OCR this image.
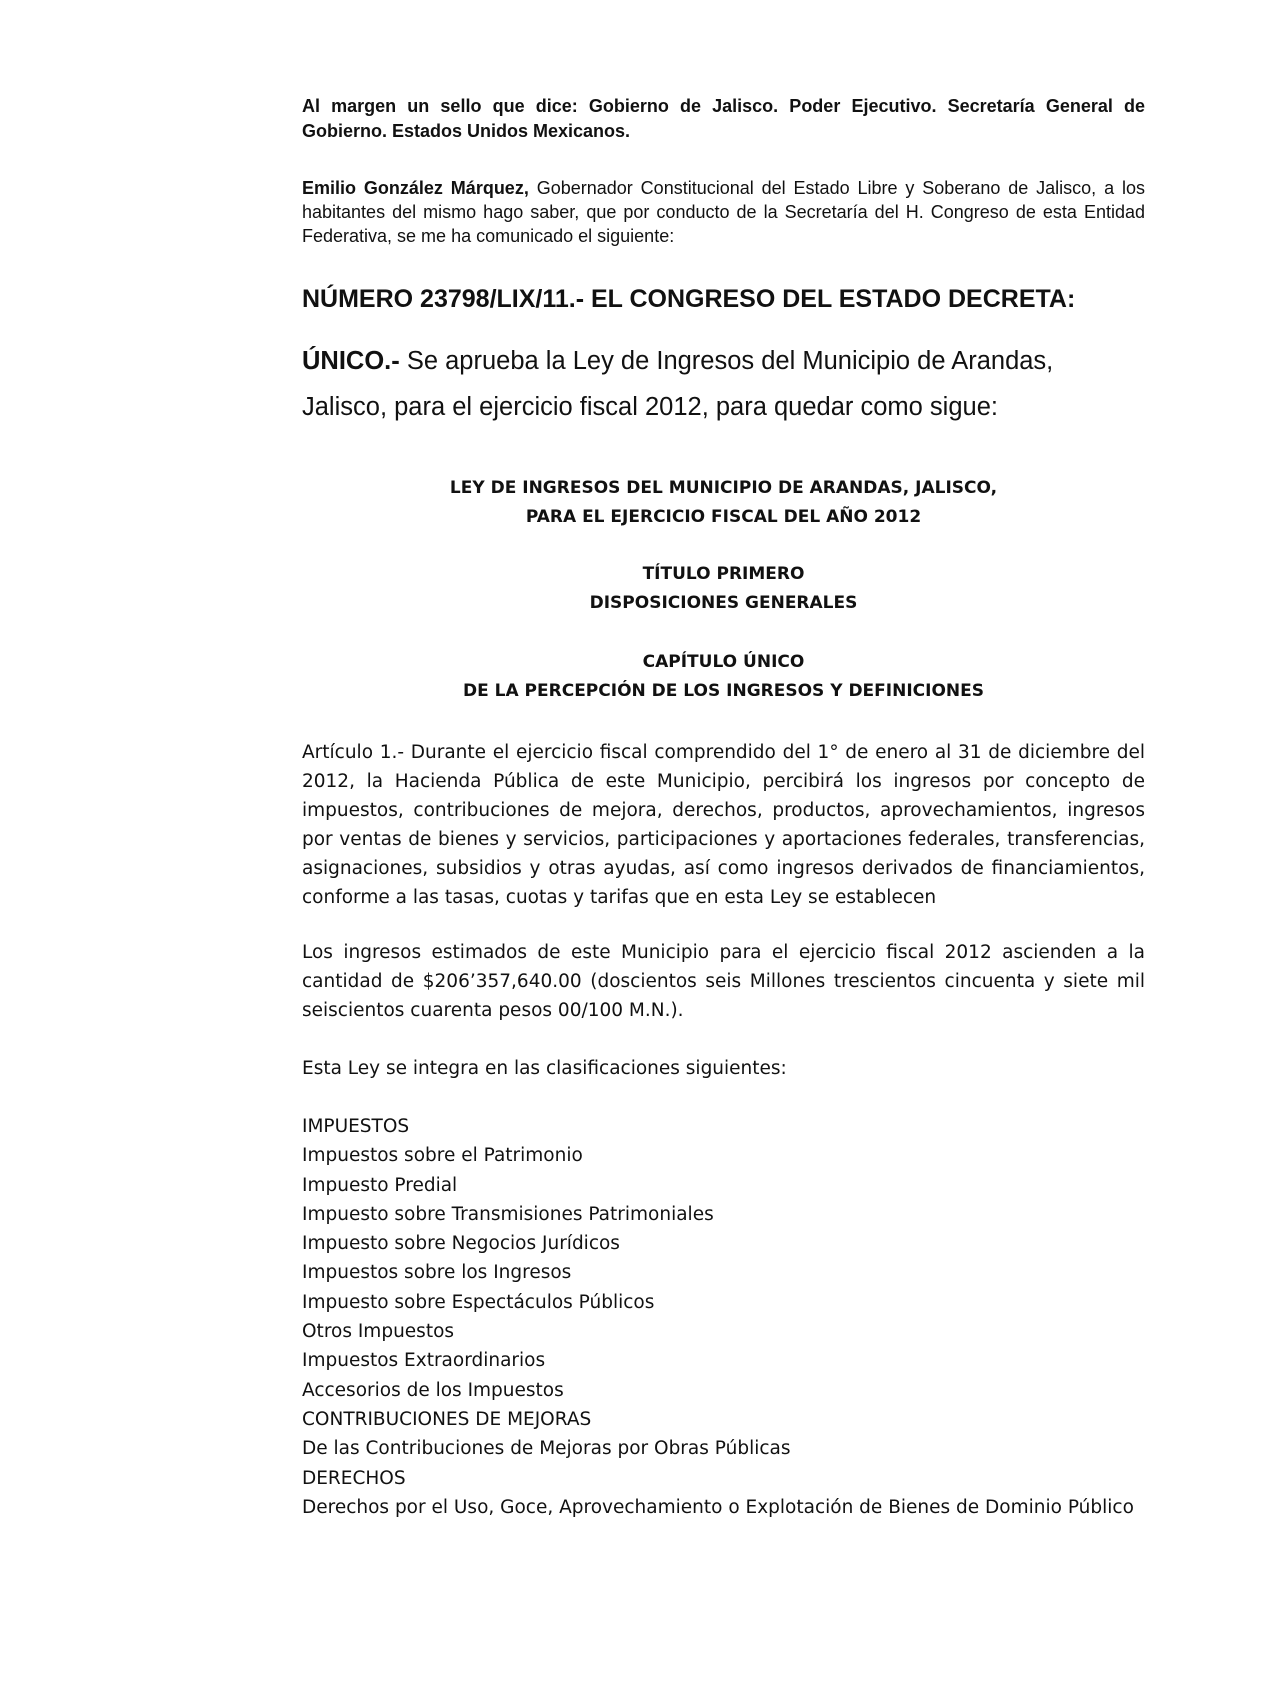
Al margen un sello que dice: Gobierno de Jalisco. Poder Ejecutivo. Secretaría General de Gobierno. Estados Unidos Mexicanos.
Emilio González Márquez, Gobernador Constitucional del Estado Libre y Soberano de Jalisco, a los habitantes del mismo hago saber, que por conducto de la Secretaría del H. Congreso de esta Entidad Federativa, se me ha comunicado el siguiente:
NÚMERO 23798/LIX/11.- EL CONGRESO DEL ESTADO DECRETA:
ÚNICO.- Se aprueba la Ley de Ingresos del Municipio de Arandas, Jalisco, para el ejercicio fiscal 2012, para quedar como sigue:
LEY DE INGRESOS DEL MUNICIPIO DE ARANDAS, JALISCO,
PARA EL EJERCICIO FISCAL DEL AÑO 2012
TÍTULO PRIMERO
DISPOSICIONES GENERALES
CAPÍTULO ÚNICO
DE LA PERCEPCIÓN DE LOS INGRESOS Y DEFINICIONES
Artículo 1.- Durante el ejercicio fiscal comprendido del 1° de enero al 31 de diciembre del 2012, la Hacienda Pública de este Municipio, percibirá los ingresos por concepto de impuestos, contribuciones de mejora, derechos, productos, aprovechamientos, ingresos por ventas de bienes y servicios, participaciones y aportaciones federales, transferencias, asignaciones, subsidios y otras ayudas, así como ingresos derivados de financiamientos, conforme a las tasas, cuotas y tarifas que en esta Ley se establecen
Los ingresos estimados de este Municipio para el ejercicio fiscal 2012 ascienden a la cantidad de $206’357,640.00 (doscientos seis Millones trescientos cincuenta y siete mil seiscientos cuarenta pesos 00/100 M.N.).
Esta Ley se integra en las clasificaciones siguientes:
IMPUESTOS
Impuestos sobre el Patrimonio
Impuesto Predial
Impuesto sobre Transmisiones Patrimoniales
Impuesto sobre Negocios Jurídicos
Impuestos sobre los Ingresos
Impuesto sobre Espectáculos Públicos
Otros Impuestos
Impuestos Extraordinarios
Accesorios de los Impuestos
CONTRIBUCIONES DE MEJORAS
De las Contribuciones de Mejoras por Obras Públicas
DERECHOS
Derechos por el Uso, Goce, Aprovechamiento o Explotación de Bienes de Dominio Público
